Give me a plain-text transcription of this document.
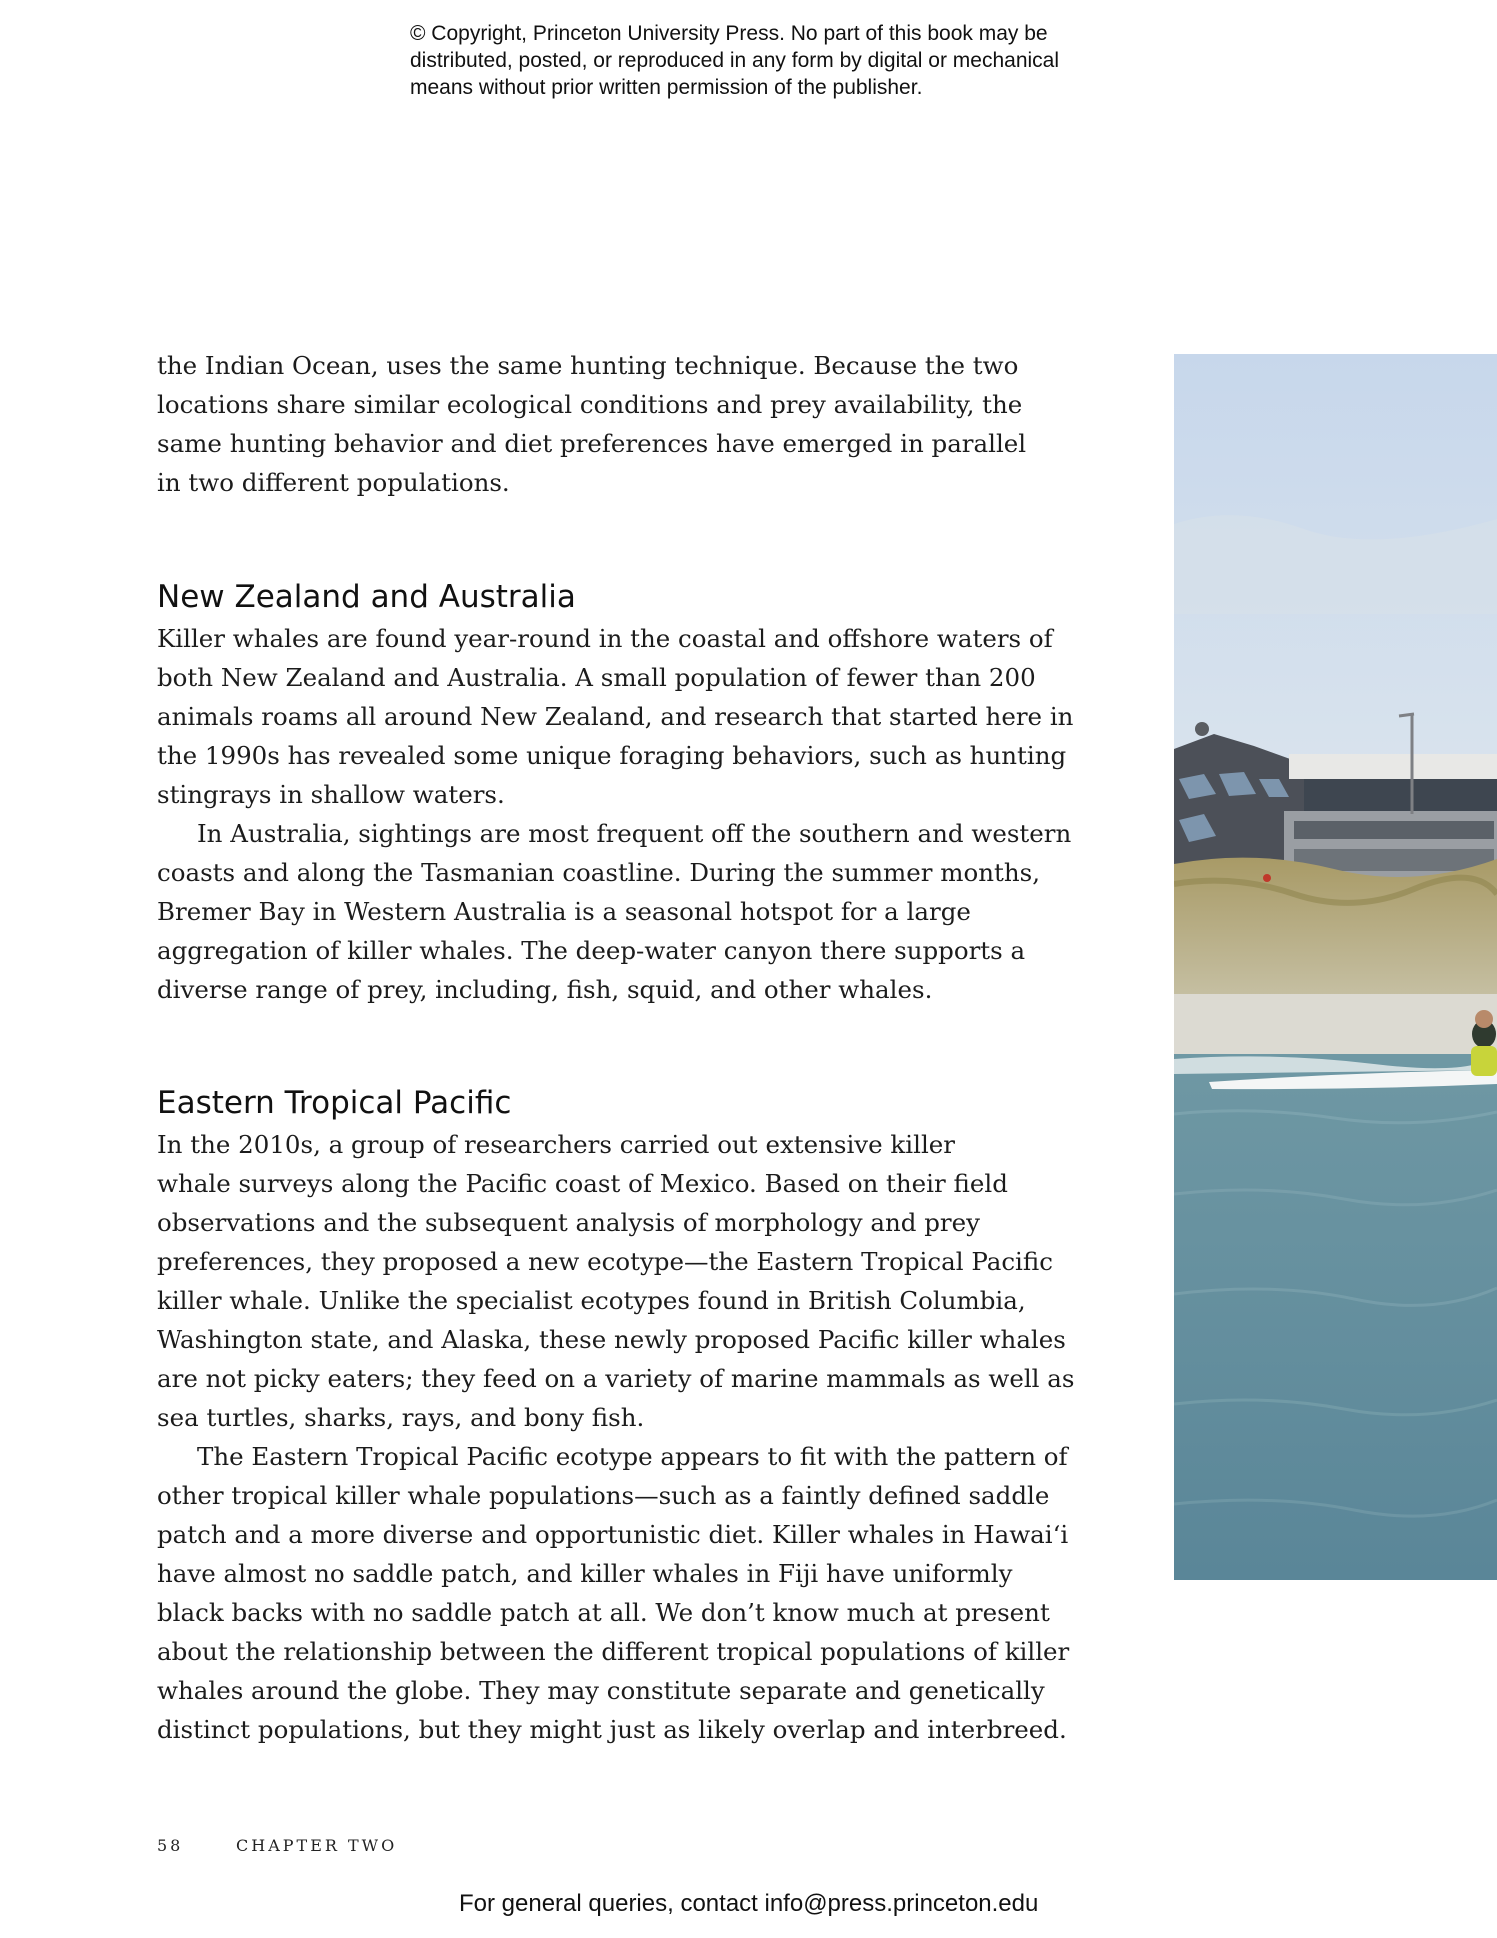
© Copyright, Princeton University Press. No part of this book may be
distributed, posted, or reproduced in any form by digital or mechanical
means without prior written permission of the publisher.
the Indian Ocean, uses the same hunting technique. Because the two
locations share similar ecological conditions and prey availability, the
same hunting behavior and diet preferences have emerged in parallel
in two different populations.
New Zealand and Australia
Killer whales are found year-round in the coastal and offshore waters of
both New Zealand and Australia. A small population of fewer than 200
animals roams all around New Zealand, and research that started here in
the 1990s has revealed some unique foraging behaviors, such as hunting
stingrays in shallow waters.
In Australia, sightings are most frequent off the southern and western
coasts and along the Tasmanian coastline. During the summer months,
Bremer Bay in Western Australia is a seasonal hotspot for a large
aggregation of killer whales. The deep-water canyon there supports a
diverse range of prey, including, fish, squid, and other whales.
Eastern Tropical Pacific
In the 2010s, a group of researchers carried out extensive killer
whale surveys along the Pacific coast of Mexico. Based on their field
observations and the subsequent analysis of morphology and prey
preferences, they proposed a new ecotype—the Eastern Tropical Pacific
killer whale. Unlike the specialist ecotypes found in British Columbia,
Washington state, and Alaska, these newly proposed Pacific killer whales
are not picky eaters; they feed on a variety of marine mammals as well as
sea turtles, sharks, rays, and bony fish.
The Eastern Tropical Pacific ecotype appears to fit with the pattern of
other tropical killer whale populations—such as a faintly defined saddle
patch and a more diverse and opportunistic diet. Killer whales in Hawai‘i
have almost no saddle patch, and killer whales in Fiji have uniformly
black backs with no saddle patch at all. We don’t know much at present
about the relationship between the different tropical populations of killer
whales around the globe. They may constitute separate and genetically
distinct populations, but they might just as likely overlap and interbreed.
58	CHAPTER TWO
For general queries, contact info@press.princeton.edu
